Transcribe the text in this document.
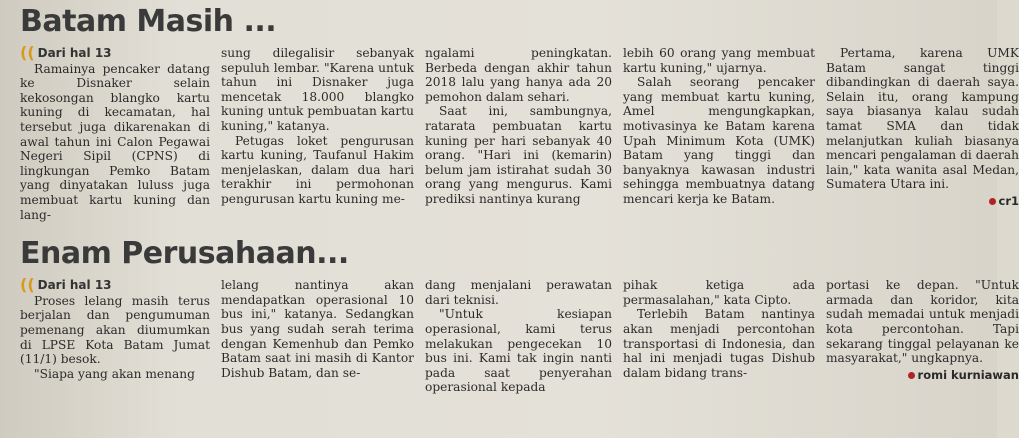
Batam Masih ...
(( Dari hal 13

Ramainya pencaker datang ke Disnaker selain kekosongan blangko kartu kuning di kecamatan, hal tersebut juga dikarenakan di awal tahun ini Calon Pegawai Negeri Sipil (CPNS) di lingkungan Pemko Batam yang dinyatakan luluss juga membuat kartu kuning dan lang-

sung dilegalisir sebanyak sepuluh lembar. "Karena untuk tahun ini Disnaker juga mencetak 18.000 blangko kuning untuk pembuatan kartu kuning," katanya.

Petugas loket pengurusan kartu kuning, Taufanul Hakim menjelaskan, dalam dua hari terakhir ini permohonan pengurusan kartu kuning me-

ngalami peningkatan. Berbeda dengan akhir tahun 2018 lalu yang hanya ada 20 pemohon dalam sehari.

Saat ini, sambungnya, ratarata pembuatan kartu kuning per hari sebanyak 40 orang. "Hari ini (kemarin) belum jam istirahat sudah 30 orang yang mengurus. Kami prediksi nantinya kurang

lebih 60 orang yang membuat kartu kuning," ujarnya.

Salah seorang pencaker yang membuat kartu kuning, Amel mengungkapkan, motivasinya ke Batam karena Upah Minimum Kota (UMK) Batam yang tinggi dan banyaknya kawasan industri sehingga membuatnya datang mencari kerja ke Batam.

Pertama, karena UMK Batam sangat tinggi dibandingkan di daerah saya. Selain itu, orang kampung saya biasanya kalau sudah tamat SMA dan tidak melanjutkan kuliah biasanya mencari pengalaman di daerah lain," kata wanita asal Medan, Sumatera Utara ini.

cr1
Enam Perusahaan...
(( Dari hal 13

Proses lelang masih terus berjalan dan pengumuman pemenang akan diumumkan di LPSE Kota Batam Jumat (11/1) besok.

"Siapa yang akan menang

lelang nantinya akan mendapatkan operasional 10 bus ini," katanya. Sedangkan bus yang sudah serah terima dengan Kemenhub dan Pemko Batam saat ini masih di Kantor Dishub Batam, dan se-

dang menjalani perawatan dari teknisi.

"Untuk kesiapan operasional, kami terus melakukan pengecekan 10 bus ini. Kami tak ingin nanti pada saat penyerahan operasional kepada

pihak ketiga ada permasalahan," kata Cipto.

Terlebih Batam nantinya akan menjadi percontohan transportasi di Indonesia, dan hal ini menjadi tugas Dishub dalam bidang trans-

portasi ke depan. "Untuk armada dan koridor, kita sudah memadai untuk menjadi kota percontohan. Tapi sekarang tinggal pelayanan ke masyarakat," ungkapnya.

romi kurniawan
